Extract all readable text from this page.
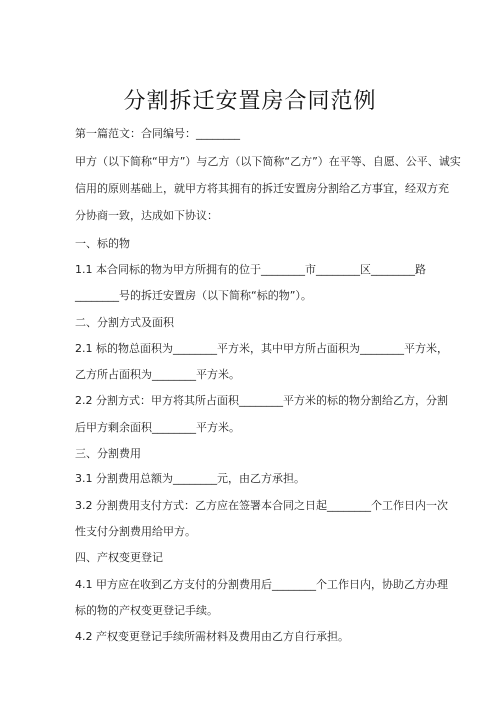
分割拆迁安置房合同范例
第一篇范文：合同编号：________
甲方（以下简称“甲方”）与乙方（以下简称“乙方”）在平等、自愿、公平、诚实
信用的原则基础上，就甲方将其拥有的拆迁安置房分割给乙方事宜，经双方充
分协商一致，达成如下协议：
一、标的物
1.1 本合同标的物为甲方所拥有的位于________市________区________路
________号的拆迁安置房（以下简称“标的物”）。
二、分割方式及面积
2.1 标的物总面积为________平方米，其中甲方所占面积为________平方米，
乙方所占面积为________平方米。
2.2 分割方式：甲方将其所占面积________平方米的标的物分割给乙方，分割
后甲方剩余面积________平方米。
三、分割费用
3.1 分割费用总额为________元，由乙方承担。
3.2 分割费用支付方式：乙方应在签署本合同之日起________个工作日内一次
性支付分割费用给甲方。
四、产权变更登记
4.1 甲方应在收到乙方支付的分割费用后________个工作日内，协助乙方办理
标的物的产权变更登记手续。
4.2 产权变更登记手续所需材料及费用由乙方自行承担。
